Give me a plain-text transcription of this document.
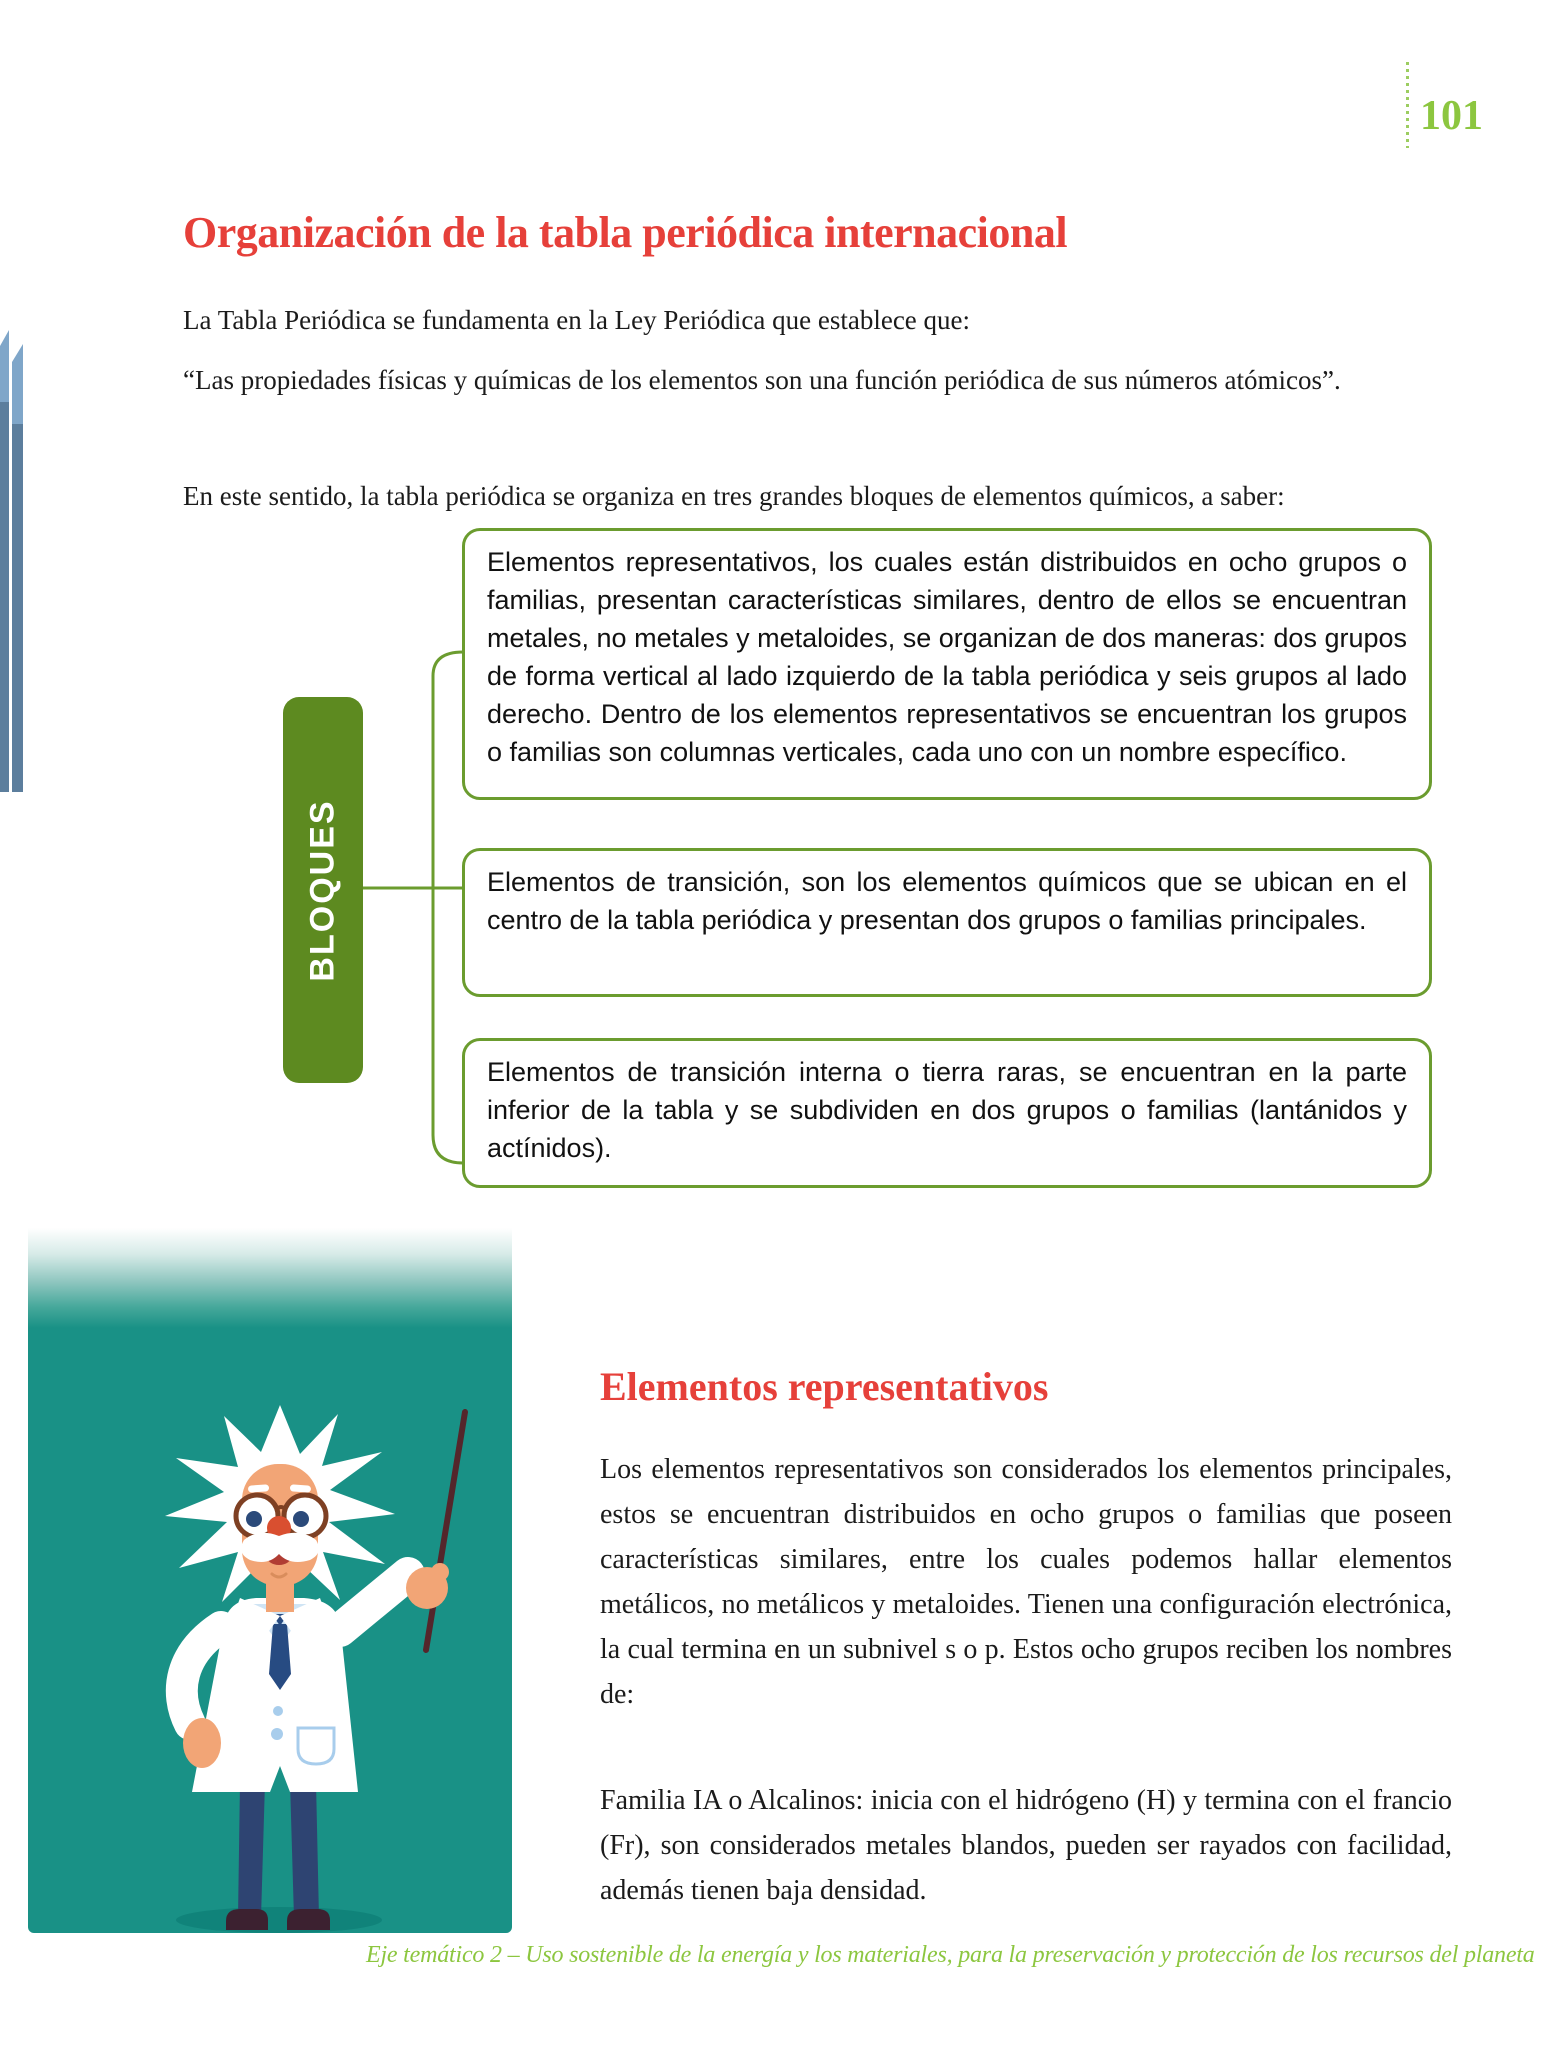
101
Organización de la tabla periódica internacional

La Tabla Periódica se fundamenta en la Ley Periódica que establece que:

“Las propiedades físicas y químicas de los elementos son una función periódica de sus números atómicos”.

En este sentido, la tabla periódica se organiza en tres grandes bloques de elementos químicos, a saber:

BLOQUES
Elementos representativos, los cuales están distribuidos en ocho grupos o familias, presentan características similares, dentro de ellos se encuentran metales, no metales y metaloides, se organizan de dos maneras: dos grupos de forma vertical al lado izquierdo de la tabla periódica y seis grupos al lado derecho. Dentro de los elementos representativos se encuentran los grupos o familias son columnas verticales, cada uno con un nombre específico.
Elementos de transición, son los elementos químicos que se ubican en el centro de la tabla periódica y presentan dos grupos o familias principales.
Elementos de transición interna o tierra raras, se encuentran en la parte inferior de la tabla y se subdividen en dos grupos o familias (lantánidos y actínidos).
Elementos representativos

Los elementos representativos son considerados los elementos principales, estos se encuentran distribuidos en ocho grupos o familias que poseen características similares, entre los cuales podemos hallar elementos metálicos, no metálicos y metaloides. Tienen una configuración electrónica, la cual termina en un subnivel s o p. Estos ocho grupos reciben los nombres de:

Familia IA o Alcalinos: inicia con el hidrógeno (H) y termina con el francio (Fr), son considerados metales blandos, pueden ser rayados con facilidad, además tienen baja densidad.

Eje temático 2 – Uso sostenible de la energía y los materiales, para la preservación y protección de los recursos del planeta
